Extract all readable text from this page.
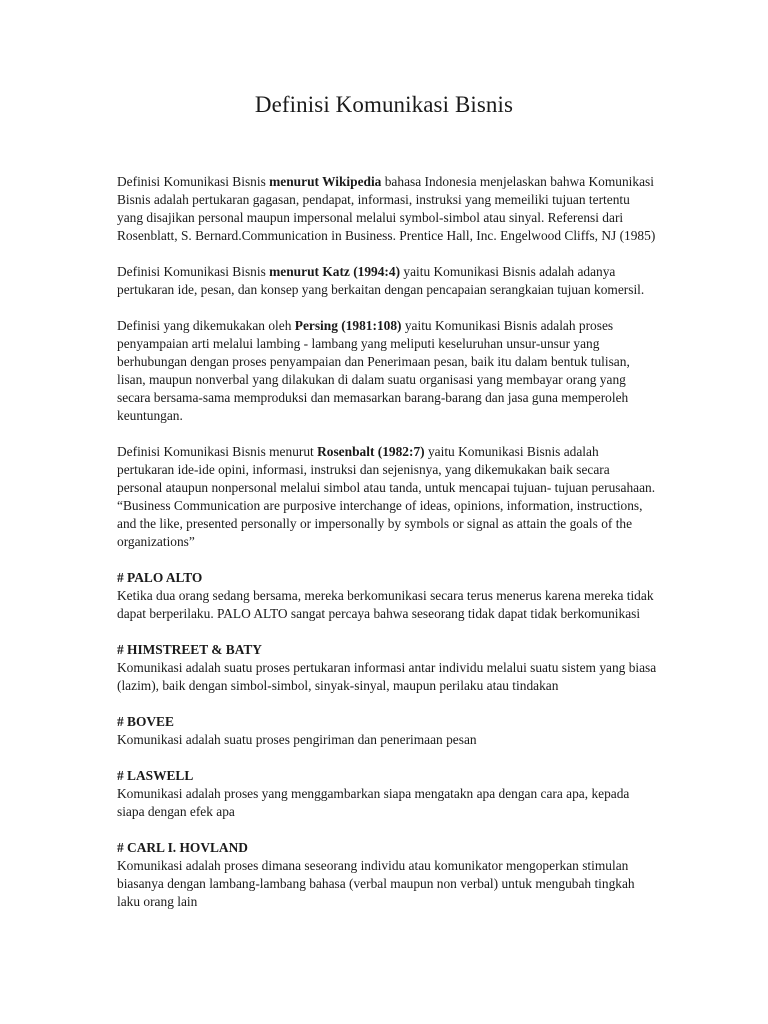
Definisi Komunikasi Bisnis

Definisi Komunikasi Bisnis menurut Wikipedia bahasa Indonesia menjelaskan bahwa Komunikasi Bisnis adalah pertukaran gagasan, pendapat, informasi, instruksi yang memeiliki tujuan tertentu yang disajikan personal maupun impersonal melalui symbol-simbol atau sinyal. Referensi dari Rosenblatt, S. Bernard.Communication in Business. Prentice Hall, Inc. Engelwood Cliffs, NJ (1985)

Definisi Komunikasi Bisnis menurut Katz (1994:4) yaitu Komunikasi Bisnis adalah adanya pertukaran ide, pesan, dan konsep yang berkaitan dengan pencapaian serangkaian tujuan komersil.

Definisi yang dikemukakan oleh Persing (1981:108) yaitu Komunikasi Bisnis adalah proses penyampaian arti melalui lambing - lambang yang meliputi keseluruhan unsur-unsur yang berhubungan dengan proses penyampaian dan Penerimaan pesan, baik itu dalam bentuk tulisan, lisan, maupun nonverbal yang dilakukan di dalam suatu organisasi yang membayar orang yang secara bersama-sama memproduksi dan memasarkan barang-barang dan jasa guna memperoleh keuntungan.

Definisi Komunikasi Bisnis menurut Rosenbalt (1982:7) yaitu Komunikasi Bisnis adalah pertukaran ide-ide opini, informasi, instruksi dan sejenisnya, yang dikemukakan baik secara personal ataupun nonpersonal melalui simbol atau tanda, untuk mencapai tujuan- tujuan perusahaan.

“Business Communication are purposive interchange of ideas, opinions, information, instructions, and the like, presented personally or impersonally by symbols or signal as attain the goals of the organizations”

# PALO ALTO

Ketika dua orang sedang bersama, mereka berkomunikasi secara terus menerus karena mereka tidak dapat berperilaku. PALO ALTO sangat percaya bahwa seseorang tidak dapat tidak berkomunikasi

# HIMSTREET & BATY

Komunikasi adalah suatu proses pertukaran informasi antar individu melalui suatu sistem yang biasa (lazim), baik dengan simbol-simbol, sinyak-sinyal, maupun perilaku atau tindakan

# BOVEE

Komunikasi adalah suatu proses pengiriman dan penerimaan pesan

# LASWELL

Komunikasi adalah proses yang menggambarkan siapa mengatakn apa dengan cara apa, kepada siapa dengan efek apa

# CARL I. HOVLAND

Komunikasi adalah proses dimana seseorang individu atau komunikator mengoperkan stimulan biasanya dengan lambang-lambang bahasa (verbal maupun non verbal) untuk mengubah tingkah laku orang lain
